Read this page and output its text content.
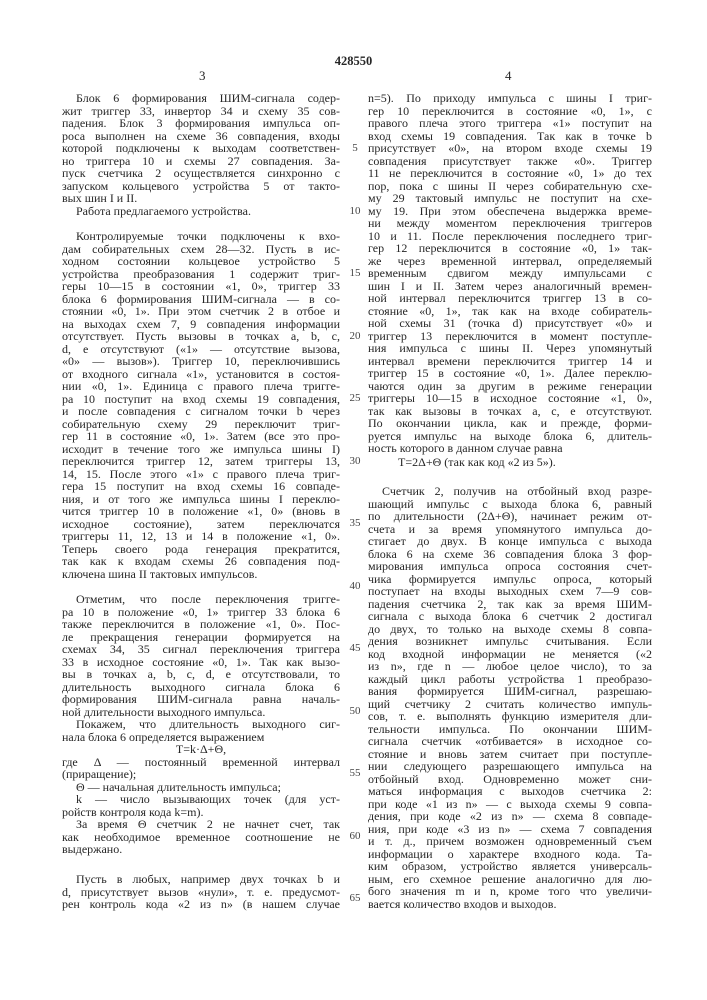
428550
3	4
Блок 6 формирования ШИМ-сигнала содер-
жит триггер 33, инвертор 34 и схему 35 сов-
падения. Блок 3 формирования импульса оп-
роса выполнен на схеме 36 совпадения, входы
которой подключены к выходам соответствен-
но триггера 10 и схемы 27 совпадения. За-
пуск счетчика 2 осуществляется синхронно с
запуском кольцевого устройства 5 от такто-
вых шин I и II.
Работа предлагаемого устройства.
Контролируемые точки подключены к вхо-
дам собирательных схем 28—32. Пусть в ис-
ходном состоянии кольцевое устройство 5
устройства преобразования 1 содержит триг-
геры 10—15 в состоянии «1, 0», триггер 33
блока 6 формирования ШИМ-сигнала — в со-
стоянии «0, 1». При этом счетчик 2 в отбое и
на выходах схем 7, 9 совпадения информации
отсутствует. Пусть вызовы в точках a, b, c,
d, e отсутствуют («1» — отсутствие вызова,
«0» — вызов»). Триггер 10, переключившись
от входного сигнала «1», установится в состоя-
нии «0, 1». Единица с правого плеча тригге-
ра 10 поступит на вход схемы 19 совпадения,
и после совпадения с сигналом точки b через
собирательную схему 29 переключит триг-
гер 11 в состояние «0, 1». Затем (все это про-
исходит в течение того же импульса шины I)
переключится триггер 12, затем триггеры 13,
14, 15. После этого «1» с правого плеча триг-
гера 15 поступит на вход схемы 16 совпаде-
ния, и от того же импульса шины I переклю-
чится триггер 10 в положение «1, 0» (вновь в
исходное состояние), затем переключатся
триггеры 11, 12, 13 и 14 в положение «1, 0».
Теперь своего рода генерация прекратится,
так как к входам схемы 26 совпадения под-
ключена шина II тактовых импульсов.
Отметим, что после переключения тригге-
ра 10 в положение «0, 1» триггер 33 блока 6
также переключится в положение «1, 0». Пос-
ле прекращения генерации формируется на
схемах 34, 35 сигнал переключения триггера
33 в исходное состояние «0, 1». Так как вызо-
вы в точках a, b, c, d, e отсутствовали, то
длительность выходного сигнала блока 6
формирования ШИМ-сигнала равна началь-
ной длительности выходного импульса.
Покажем, что длительность выходного сиг-
нала блока 6 определяется выражением
T=k·Δ+Θ,
где Δ — постоянный временной интервал
(приращение);
Θ — начальная длительность импульса;
k — число вызывающих точек (для уст-
ройств контроля кода k=m).
За время Θ счетчик 2 не начнет счет, так
как необходимое временное соотношение не
выдержано.
Пусть в любых, например двух точках b и
d, присутствует вызов «нули», т. е. предусмот-
рен контроль кода «2 из n» (в нашем случае
n=5). По приходу импульса с шины I триг-
гер 10 переключится в состояние «0, 1», с
правого плеча этого триггера «1» поступит на
вход схемы 19 совпадения. Так как в точке b
присутствует «0», на втором входе схемы 19
совпадения присутствует также «0». Триггер
11 не переключится в состояние «0, 1» до тех
пор, пока с шины II через собирательную схе-
му 29 тактовый импульс не поступит на схе-
му 19. При этом обеспечена выдержка време-
ни между моментом переключения триггеров
10 и 11. После переключения последнего триг-
гер 12 переключится в состояние «0, 1» так-
же через временной интервал, определяемый
временным сдвигом между импульсами с
шин I и II. Затем через аналогичный времен-
ной интервал переключится триггер 13 в со-
стояние «0, 1», так как на входе собиратель-
ной схемы 31 (точка d) присутствует «0» и
триггер 13 переключится в момент поступле-
ния импульса с шины II. Через упомянутый
интервал времени переключится триггер 14 и
триггер 15 в состояние «0, 1». Далее переклю-
чаются один за другим в режиме генерации
триггеры 10—15 в исходное состояние «1, 0»,
так как вызовы в точках a, c, e отсутствуют.
По окончании цикла, как и прежде, форми-
руется импульс на выходе блока 6, длитель-
ность которого в данном случае равна
T=2Δ+Θ (так как код «2 из 5»).
Счетчик 2, получив на отбойный вход разре-
шающий импульс с выхода блока 6, равный
по длительности (2Δ+Θ), начинает режим от-
счета и за время упомянутого импульса до-
стигает до двух. В конце импульса с выхода
блока 6 на схеме 36 совпадения блока 3 фор-
мирования импульса опроса состояния счет-
чика формируется импульс опроса, который
поступает на входы выходных схем 7—9 сов-
падения счетчика 2, так как за время ШИМ-
сигнала с выхода блока 6 счетчик 2 достигал
до двух, то только на выходе схемы 8 совпа-
дения возникнет импульс считывания. Если
код входной информации не меняется («2
из n», где n — любое целое число), то за
каждый цикл работы устройства 1 преобразо-
вания формируется ШИМ-сигнал, разрешаю-
щий счетчику 2 считать количество импуль-
сов, т. е. выполнять функцию измерителя дли-
тельности импульса. По окончании ШИМ-
сигнала счетчик «отбивается» в исходное со-
стояние и вновь затем считает при поступле-
нии следующего разрешающего импульса на
отбойный вход. Одновременно может сни-
маться информация с выходов счетчика 2:
при коде «1 из n» — с выхода схемы 9 совпа-
дения, при коде «2 из n» — схема 8 совпаде-
ния, при коде «3 из n» — схема 7 совпадения
и т. д., причем возможен одновременный съем
информации о характере входного кода. Та-
ким образом, устройство является универсаль-
ным, его схемное решение аналогично для лю-
бого значения m и n, кроме того что увеличи-
вается количество входов и выходов.
5
10
15
20
25
30
35
40
45
50
55
60
65
